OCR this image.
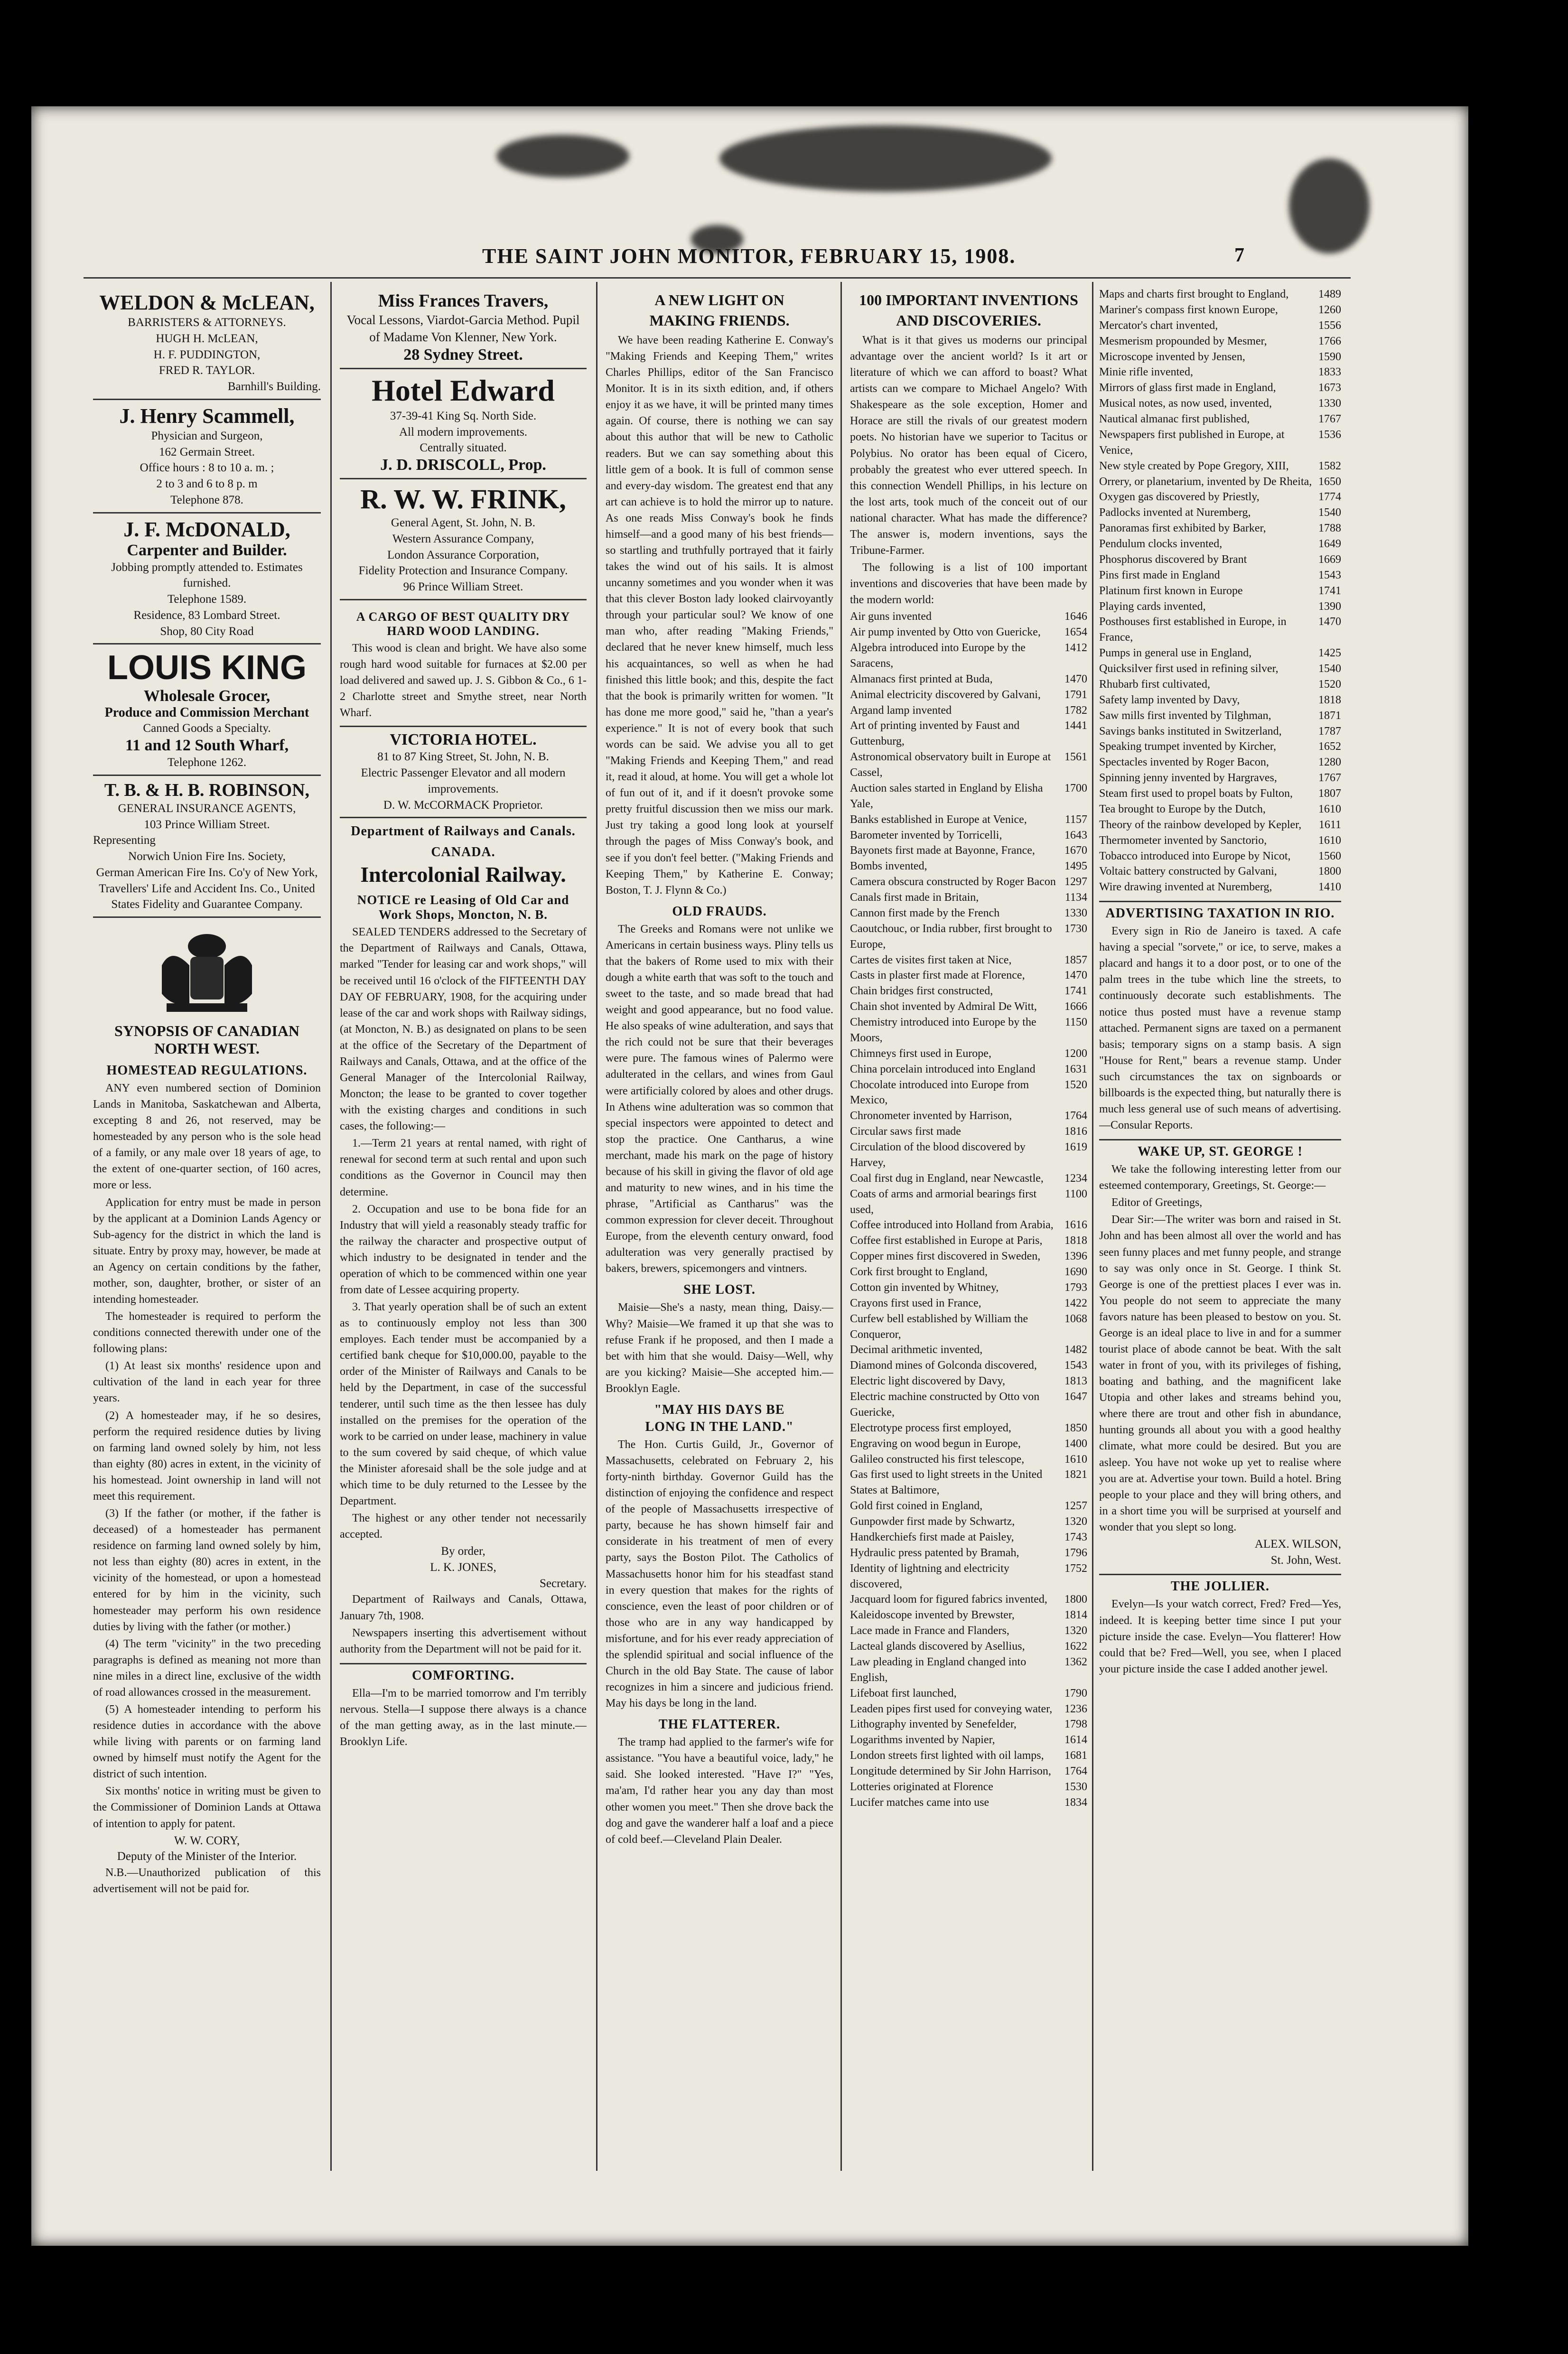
THE SAINT JOHN MONITOR, FEBRUARY 15, 1908.	7
WELDON & McLEAN,
BARRISTERS & ATTORNEYS.
HUGH H. McLEAN,
H. F. PUDDINGTON,
FRED R. TAYLOR.
Barnhill's Building.
J. Henry Scammell,
Physician and Surgeon,
162 Germain Street.
Office hours : 8 to 10 a. m. ;
2 to 3 and 6 to 8 p. m
Telephone 878.
J. F. McDONALD,
Carpenter and Builder.
Jobbing promptly attended to. Estimates furnished.
Telephone 1589.
Residence, 83 Lombard Street.
Shop, 80 City Road
LOUIS KING
Wholesale Grocer,
Produce and Commission Merchant
Canned Goods a Specialty.
11 and 12 South Wharf,
Telephone 1262.
T. B. & H. B. ROBINSON,
GENERAL INSURANCE AGENTS,
103 Prince William Street.
Representing
Norwich Union Fire Ins. Society,
German American Fire Ins. Co'y of New York,
Travellers' Life and Accident Ins. Co., United States Fidelity and Guarantee Company.
SYNOPSIS OF CANADIAN NORTH WEST.
HOMESTEAD REGULATIONS.

ANY even numbered section of Dominion Lands in Manitoba, Saskatchewan and Alberta, excepting 8 and 26, not reserved, may be homesteaded by any person who is the sole head of a family, or any male over 18 years of age, to the extent of one-quarter section, of 160 acres, more or less.

Application for entry must be made in person by the applicant at a Dominion Lands Agency or Sub-agency for the district in which the land is situate. Entry by proxy may, however, be made at an Agency on certain conditions by the father, mother, son, daughter, brother, or sister of an intending homesteader.

The homesteader is required to perform the conditions connected therewith under one of the following plans:

(1) At least six months' residence upon and cultivation of the land in each year for three years.

(2) A homesteader may, if he so desires, perform the required residence duties by living on farming land owned solely by him, not less than eighty (80) acres in extent, in the vicinity of his homestead. Joint ownership in land will not meet this requirement.

(3) If the father (or mother, if the father is deceased) of a homesteader has permanent residence on farming land owned solely by him, not less than eighty (80) acres in extent, in the vicinity of the homestead, or upon a homestead entered for by him in the vicinity, such homesteader may perform his own residence duties by living with the father (or mother.)

(4) The term "vicinity" in the two preceding paragraphs is defined as meaning not more than nine miles in a direct line, exclusive of the width of road allowances crossed in the measurement.

(5) A homesteader intending to perform his residence duties in accordance with the above while living with parents or on farming land owned by himself must notify the Agent for the district of such intention.

Six months' notice in writing must be given to the Commissioner of Dominion Lands at Ottawa of intention to apply for patent.

W. W. CORY,
Deputy of the Minister of the Interior.

N.B.—Unauthorized publication of this advertisement will not be paid for.

Miss Frances Travers,
Vocal Lessons, Viardot-Garcia Method. Pupil of Madame Von Klenner, New York.
28 Sydney Street.
Hotel Edward
37-39-41 King Sq. North Side.
All modern improvements.
Centrally situated.
J. D. DRISCOLL, Prop.
R. W. W. FRINK,
General Agent, St. John, N. B.
Western Assurance Company,
London Assurance Corporation,
Fidelity Protection and Insurance Company.
96 Prince William Street.
A CARGO OF BEST QUALITY DRY HARD WOOD LANDING.

This wood is clean and bright. We have also some rough hard wood suitable for furnaces at $2.00 per load delivered and sawed up. J. S. Gibbon & Co., 6 1-2 Charlotte street and Smythe street, near North Wharf.

VICTORIA HOTEL.
81 to 87 King Street, St. John, N. B.
Electric Passenger Elevator and all modern improvements.
D. W. McCORMACK Proprietor.
Department of Railways and Canals.
CANADA.
Intercolonial Railway.
NOTICE re Leasing of Old Car and Work Shops, Moncton, N. B.

SEALED TENDERS addressed to the Secretary of the Department of Railways and Canals, Ottawa, marked "Tender for leasing car and work shops," will be received until 16 o'clock of the FIFTEENTH DAY DAY OF FEBRUARY, 1908, for the acquiring under lease of the car and work shops with Railway sidings, (at Moncton, N. B.) as designated on plans to be seen at the office of the Secretary of the Department of Railways and Canals, Ottawa, and at the office of the General Manager of the Intercolonial Railway, Moncton; the lease to be granted to cover together with the existing charges and conditions in such cases, the following:—

1.—Term 21 years at rental named, with right of renewal for second term at such rental and upon such conditions as the Governor in Council may then determine.

2. Occupation and use to be bona fide for an Industry that will yield a reasonably steady traffic for the railway the character and prospective output of which industry to be designated in tender and the operation of which to be commenced within one year from date of Lessee acquiring property.

3. That yearly operation shall be of such an extent as to continuously employ not less than 300 employes. Each tender must be accompanied by a certified bank cheque for $10,000.00, payable to the order of the Minister of Railways and Canals to be held by the Department, in case of the successful tenderer, until such time as the then lessee has duly installed on the premises for the operation of the work to be carried on under lease, machinery in value to the sum covered by said cheque, of which value the Minister aforesaid shall be the sole judge and at which time to be duly returned to the Lessee by the Department.

The highest or any other tender not necessarily accepted.

By order,
L. K. JONES,
Secretary.

Department of Railways and Canals, Ottawa, January 7th, 1908.

Newspapers inserting this advertisement without authority from the Department will not be paid for it.

COMFORTING.

Ella—I'm to be married tomorrow and I'm terribly nervous. Stella—I suppose there always is a chance of the man getting away, as in the last minute.—Brooklyn Life.

A NEW LIGHT ON
MAKING FRIENDS.

We have been reading Katherine E. Conway's "Making Friends and Keeping Them," writes Charles Phillips, editor of the San Francisco Monitor. It is in its sixth edition, and, if others enjoy it as we have, it will be printed many times again. Of course, there is nothing we can say about this author that will be new to Catholic readers. But we can say something about this little gem of a book. It is full of common sense and every-day wisdom. The greatest end that any art can achieve is to hold the mirror up to nature. As one reads Miss Conway's book he finds himself—and a good many of his best friends—so startling and truthfully portrayed that it fairly takes the wind out of his sails. It is almost uncanny sometimes and you wonder when it was that this clever Boston lady looked clairvoyantly through your particular soul? We know of one man who, after reading "Making Friends," declared that he never knew himself, much less his acquaintances, so well as when he had finished this little book; and this, despite the fact that the book is primarily written for women. "It has done me more good," said he, "than a year's experience." It is not of every book that such words can be said. We advise you all to get "Making Friends and Keeping Them," and read it, read it aloud, at home. You will get a whole lot of fun out of it, and if it doesn't provoke some pretty fruitful discussion then we miss our mark. Just try taking a good long look at yourself through the pages of Miss Conway's book, and see if you don't feel better. ("Making Friends and Keeping Them," by Katherine E. Conway; Boston, T. J. Flynn & Co.)

OLD FRAUDS.

The Greeks and Romans were not unlike we Americans in certain business ways. Pliny tells us that the bakers of Rome used to mix with their dough a white earth that was soft to the touch and sweet to the taste, and so made bread that had weight and good appearance, but no food value. He also speaks of wine adulteration, and says that the rich could not be sure that their beverages were pure. The famous wines of Palermo were adulterated in the cellars, and wines from Gaul were artificially colored by aloes and other drugs. In Athens wine adulteration was so common that special inspectors were appointed to detect and stop the practice. One Cantharus, a wine merchant, made his mark on the page of history because of his skill in giving the flavor of old age and maturity to new wines, and in his time the phrase, "Artificial as Cantharus" was the common expression for clever deceit. Throughout Europe, from the eleventh century onward, food adulteration was very generally practised by bakers, brewers, spicemongers and vintners.

SHE LOST.

Maisie—She's a nasty, mean thing, Daisy.—Why? Maisie—We framed it up that she was to refuse Frank if he proposed, and then I made a bet with him that she would. Daisy—Well, why are you kicking? Maisie—She accepted him.—Brooklyn Eagle.

"MAY HIS DAYS BE
LONG IN THE LAND."

The Hon. Curtis Guild, Jr., Governor of Massachusetts, celebrated on February 2, his forty-ninth birthday. Governor Guild has the distinction of enjoying the confidence and respect of the people of Massachusetts irrespective of party, because he has shown himself fair and considerate in his treatment of men of every party, says the Boston Pilot. The Catholics of Massachusetts honor him for his steadfast stand in every question that makes for the rights of conscience, even the least of poor children or of those who are in any way handicapped by misfortune, and for his ever ready appreciation of the splendid spiritual and social influence of the Church in the old Bay State. The cause of labor recognizes in him a sincere and judicious friend. May his days be long in the land.

THE FLATTERER.

The tramp had applied to the farmer's wife for assistance. "You have a beautiful voice, lady," he said. She looked interested. "Have I?" "Yes, ma'am, I'd rather hear you any day than most other women you meet." Then she drove back the dog and gave the wanderer half a loaf and a piece of cold beef.—Cleveland Plain Dealer.

100 IMPORTANT INVENTIONS
AND DISCOVERIES.

What is it that gives us moderns our principal advantage over the ancient world? Is it art or literature of which we can afford to boast? What artists can we compare to Michael Angelo? With Shakespeare as the sole exception, Homer and Horace are still the rivals of our greatest modern poets. No historian have we superior to Tacitus or Polybius. No orator has been equal of Cicero, probably the greatest who ever uttered speech. In this connection Wendell Phillips, in his lecture on the lost arts, took much of the conceit out of our national character. What has made the difference? The answer is, modern inventions, says the Tribune-Farmer.

The following is a list of 100 important inventions and discoveries that have been made by the modern world:

Air guns invented	1646
Air pump invented by Otto von Guericke, 1654
Algebra introduced into Europe by the Saracens,
1412
Almanacs first printed at Buda,	1470
Animal electricity discovered by Galvani, 1791
Argand lamp invented	1782
Art of printing invented by Faust and Guttenburg,
1441
Astronomical observatory built in Europe at Cassel,
1561
Auction sales started in England by Elisha Yale,
1700
Banks established in Europe at Venice,	1157
Barometer invented by Torricelli,	1643
Bayonets first made at Bayonne, France,	1670
Bombs invented,	1495
Camera obscura constructed by Roger Bacon 1297
Canals first made in Britain,	1134
Cannon first made by the French	1330
Caoutchouc, or India rubber, first brought to Europe,
1730
Cartes de visites first taken at Nice,	1857
Casts in plaster first made at Florence,	1470
Chain bridges first constructed,	1741
Chain shot invented by Admiral De Witt, 1666
Chemistry introduced into Europe by the Moors,
1150
Chimneys first used in Europe,	1200
China porcelain introduced into England	1631
Chocolate introduced into Europe from Mexico,
1520
Chronometer invented by Harrison,	1764
Circular saws first made	1816
Circulation of the blood discovered by Harvey,
1619
Coal first dug in England, near Newcastle, 1234
Coats of arms and armorial bearings first used,
1100
Coffee introduced into Holland from Arabia, 1616
Coffee first established in Europe at Paris, 1818
Copper mines first discovered in Sweden, 1396
Cork first brought to England,	1690
Cotton gin invented by Whitney,	1793
Crayons first used in France,	1422
Curfew bell established by William the Conqueror,
1068
Decimal arithmetic invented,	1482
Diamond mines of Golconda discovered, 1543
Electric light discovered by Davy,	1813
Electric machine constructed by Otto von Guericke,
1647
Electrotype process first employed,	1850
Engraving on wood begun in Europe,	1400
Galileo constructed his first telescope,	1610
Gas first used to light streets in the United States at Baltimore,
1821
Gold first coined in England,	1257
Gunpowder first made by Schwartz,	1320
Handkerchiefs first made at Paisley,	1743
Hydraulic press patented by Bramah,	1796
Identity of lightning and electricity discovered,
1752
Jacquard loom for figured fabrics invented, 1800
Kaleidoscope invented by Brewster,	1814
Lace made in France and Flanders,	1320
Lacteal glands discovered by Asellius,	1622
Law pleading in England changed into English,
1362
Lifeboat first launched,	1790
Leaden pipes first used for conveying water, 1236
Lithography invented by Senefelder,	1798
Logarithms invented by Napier,	1614
London streets first lighted with oil lamps, 1681
Longitude determined by Sir John Harrison, 1764
Lotteries originated at Florence	1530
Lucifer matches came into use	1834
Maps and charts first brought to England,	1489
Mariner's compass first known Europe,	1260
Mercator's chart invented,	1556
Mesmerism propounded by Mesmer,	1766
Microscope invented by Jensen,	1590
Minie rifle invented,	1833
Mirrors of glass first made in England,	1673
Musical notes, as now used, invented,	1330
Nautical almanac first published,	1767
Newspapers first published in Europe, at Venice,
1536
New style created by Pope Gregory, XIII,	1582
Orrery, or planetarium, invented by De Rheita, 1650
Oxygen gas discovered by Priestly,	1774
Padlocks invented at Nuremberg,	1540
Panoramas first exhibited by Barker,	1788
Pendulum clocks invented,	1649
Phosphorus discovered by Brant	1669
Pins first made in England	1543
Platinum first known in Europe	1741
Playing cards invented,	1390
Posthouses first established in Europe, in France,
1470
Pumps in general use in England,	1425
Quicksilver first used in refining silver,	1540
Rhubarb first cultivated,	1520
Safety lamp invented by Davy,	1818
Saw mills first invented by Tilghman,	1871
Savings banks instituted in Switzerland,	1787
Speaking trumpet invented by Kircher,	1652
Spectacles invented by Roger Bacon,	1280
Spinning jenny invented by Hargraves,	1767
Steam first used to propel boats by Fulton, 1807
Tea brought to Europe by the Dutch,	1610
Theory of the rainbow developed by Kepler, 1611
Thermometer invented by Sanctorio,	1610
Tobacco introduced into Europe by Nicot, 1560
Voltaic battery constructed by Galvani,	1800
Wire drawing invented at Nuremberg,	1410
ADVERTISING TAXATION IN RIO.

Every sign in Rio de Janeiro is taxed. A cafe having a special "sorvete," or ice, to serve, makes a placard and hangs it to a door post, or to one of the palm trees in the tube which line the streets, to continuously decorate such establishments. The notice thus posted must have a revenue stamp attached. Permanent signs are taxed on a permanent basis; temporary signs on a stamp basis. A sign "House for Rent," bears a revenue stamp. Under such circumstances the tax on signboards or billboards is the expected thing, but naturally there is much less general use of such means of advertising.—Consular Reports.

WAKE UP, ST. GEORGE !

We take the following interesting letter from our esteemed contemporary, Greetings, St. George:—

Editor of Greetings,

Dear Sir:—The writer was born and raised in St. John and has been almost all over the world and has seen funny places and met funny people, and strange to say was only once in St. George. I think St. George is one of the prettiest places I ever was in. You people do not seem to appreciate the many favors nature has been pleased to bestow on you. St. George is an ideal place to live in and for a summer tourist place of abode cannot be beat. With the salt water in front of you, with its privileges of fishing, boating and bathing, and the magnificent lake Utopia and other lakes and streams behind you, where there are trout and other fish in abundance, hunting grounds all about you with a good healthy climate, what more could be desired. But you are asleep. You have not woke up yet to realise where you are at. Advertise your town. Build a hotel. Bring people to your place and they will bring others, and in a short time you will be surprised at yourself and wonder that you slept so long.

ALEX. WILSON,
St. John, West.
THE JOLLIER.

Evelyn—Is your watch correct, Fred? Fred—Yes, indeed. It is keeping better time since I put your picture inside the case. Evelyn—You flatterer! How could that be? Fred—Well, you see, when I placed your picture inside the case I added another jewel.
